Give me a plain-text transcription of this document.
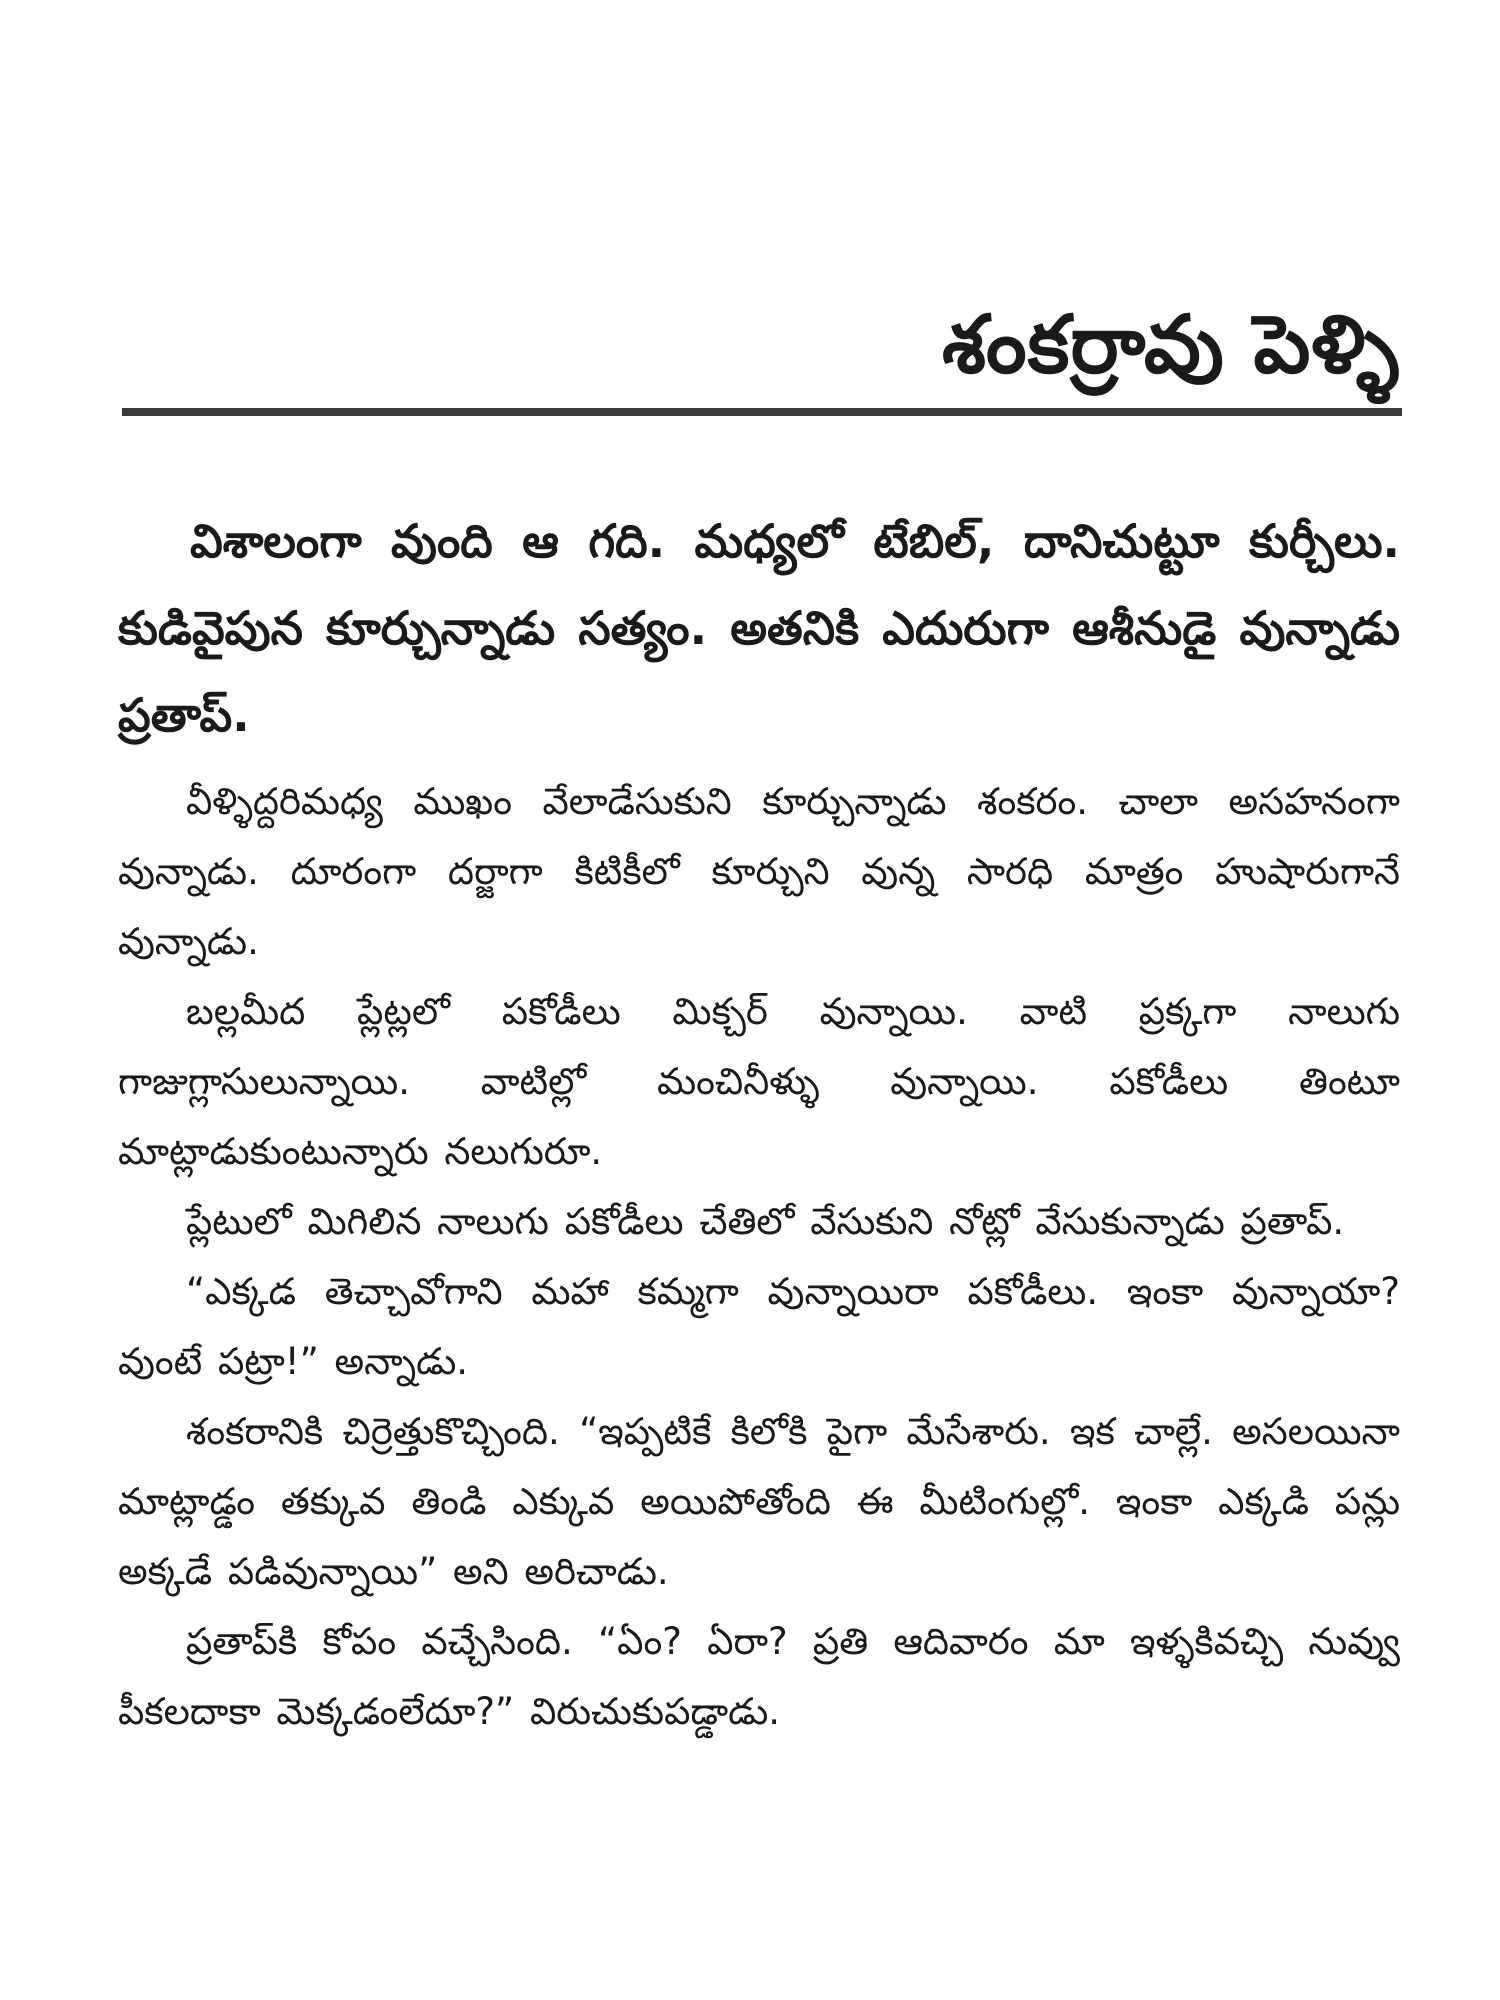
శంకర్రావు పెళ్ళి

విశాలంగా వుంది ఆ గది. మధ్యలో టేబిల్, దానిచుట్టూ కుర్చీలు. కుడివైపున కూర్చున్నాడు సత్యం. అతనికి ఎదురుగా ఆశీనుడై వున్నాడు ప్రతాప్.

వీళ్ళిద్దరిమధ్య ముఖం వేలాడేసుకుని కూర్చున్నాడు శంకరం. చాలా అసహనంగా వున్నాడు. దూరంగా దర్జాగా కిటికీలో కూర్చుని వున్న సారధి మాత్రం హుషారుగానే వున్నాడు.

బల్లమీద ప్లేట్లలో పకోడీలు మిక్చర్ వున్నాయి. వాటి ప్రక్కగా నాలుగు గాజుగ్లాసులున్నాయి. వాటిల్లో మంచినీళ్ళు వున్నాయి. పకోడీలు తింటూ మాట్లాడుకుంటున్నారు నలుగురూ.

ప్లేటులో మిగిలిన నాలుగు పకోడీలు చేతిలో వేసుకుని నోట్లో వేసుకున్నాడు ప్రతాప్.

“ఎక్కడ తెచ్చావోగాని మహా కమ్మగా వున్నాయిరా పకోడీలు. ఇంకా వున్నాయా? వుంటే పట్రా!” అన్నాడు.

శంకరానికి చిర్రెత్తుకొచ్చింది. “ఇప్పటికే కిలోకి పైగా మేసేశారు. ఇక చాల్లే. అసలయినా మాట్లాడ్డం తక్కువ తిండి ఎక్కువ అయిపోతోంది ఈ మీటింగుల్లో. ఇంకా ఎక్కడి పన్లు అక్కడే పడివున్నాయి” అని అరిచాడు.

ప్రతాప్‌కి కోపం వచ్చేసింది. “ఏం? ఏరా? ప్రతి ఆదివారం మా ఇళ్ళకివచ్చి నువ్వు పీకలదాకా మెక్కడంలేదూ?” విరుచుకుపడ్డాడు.
